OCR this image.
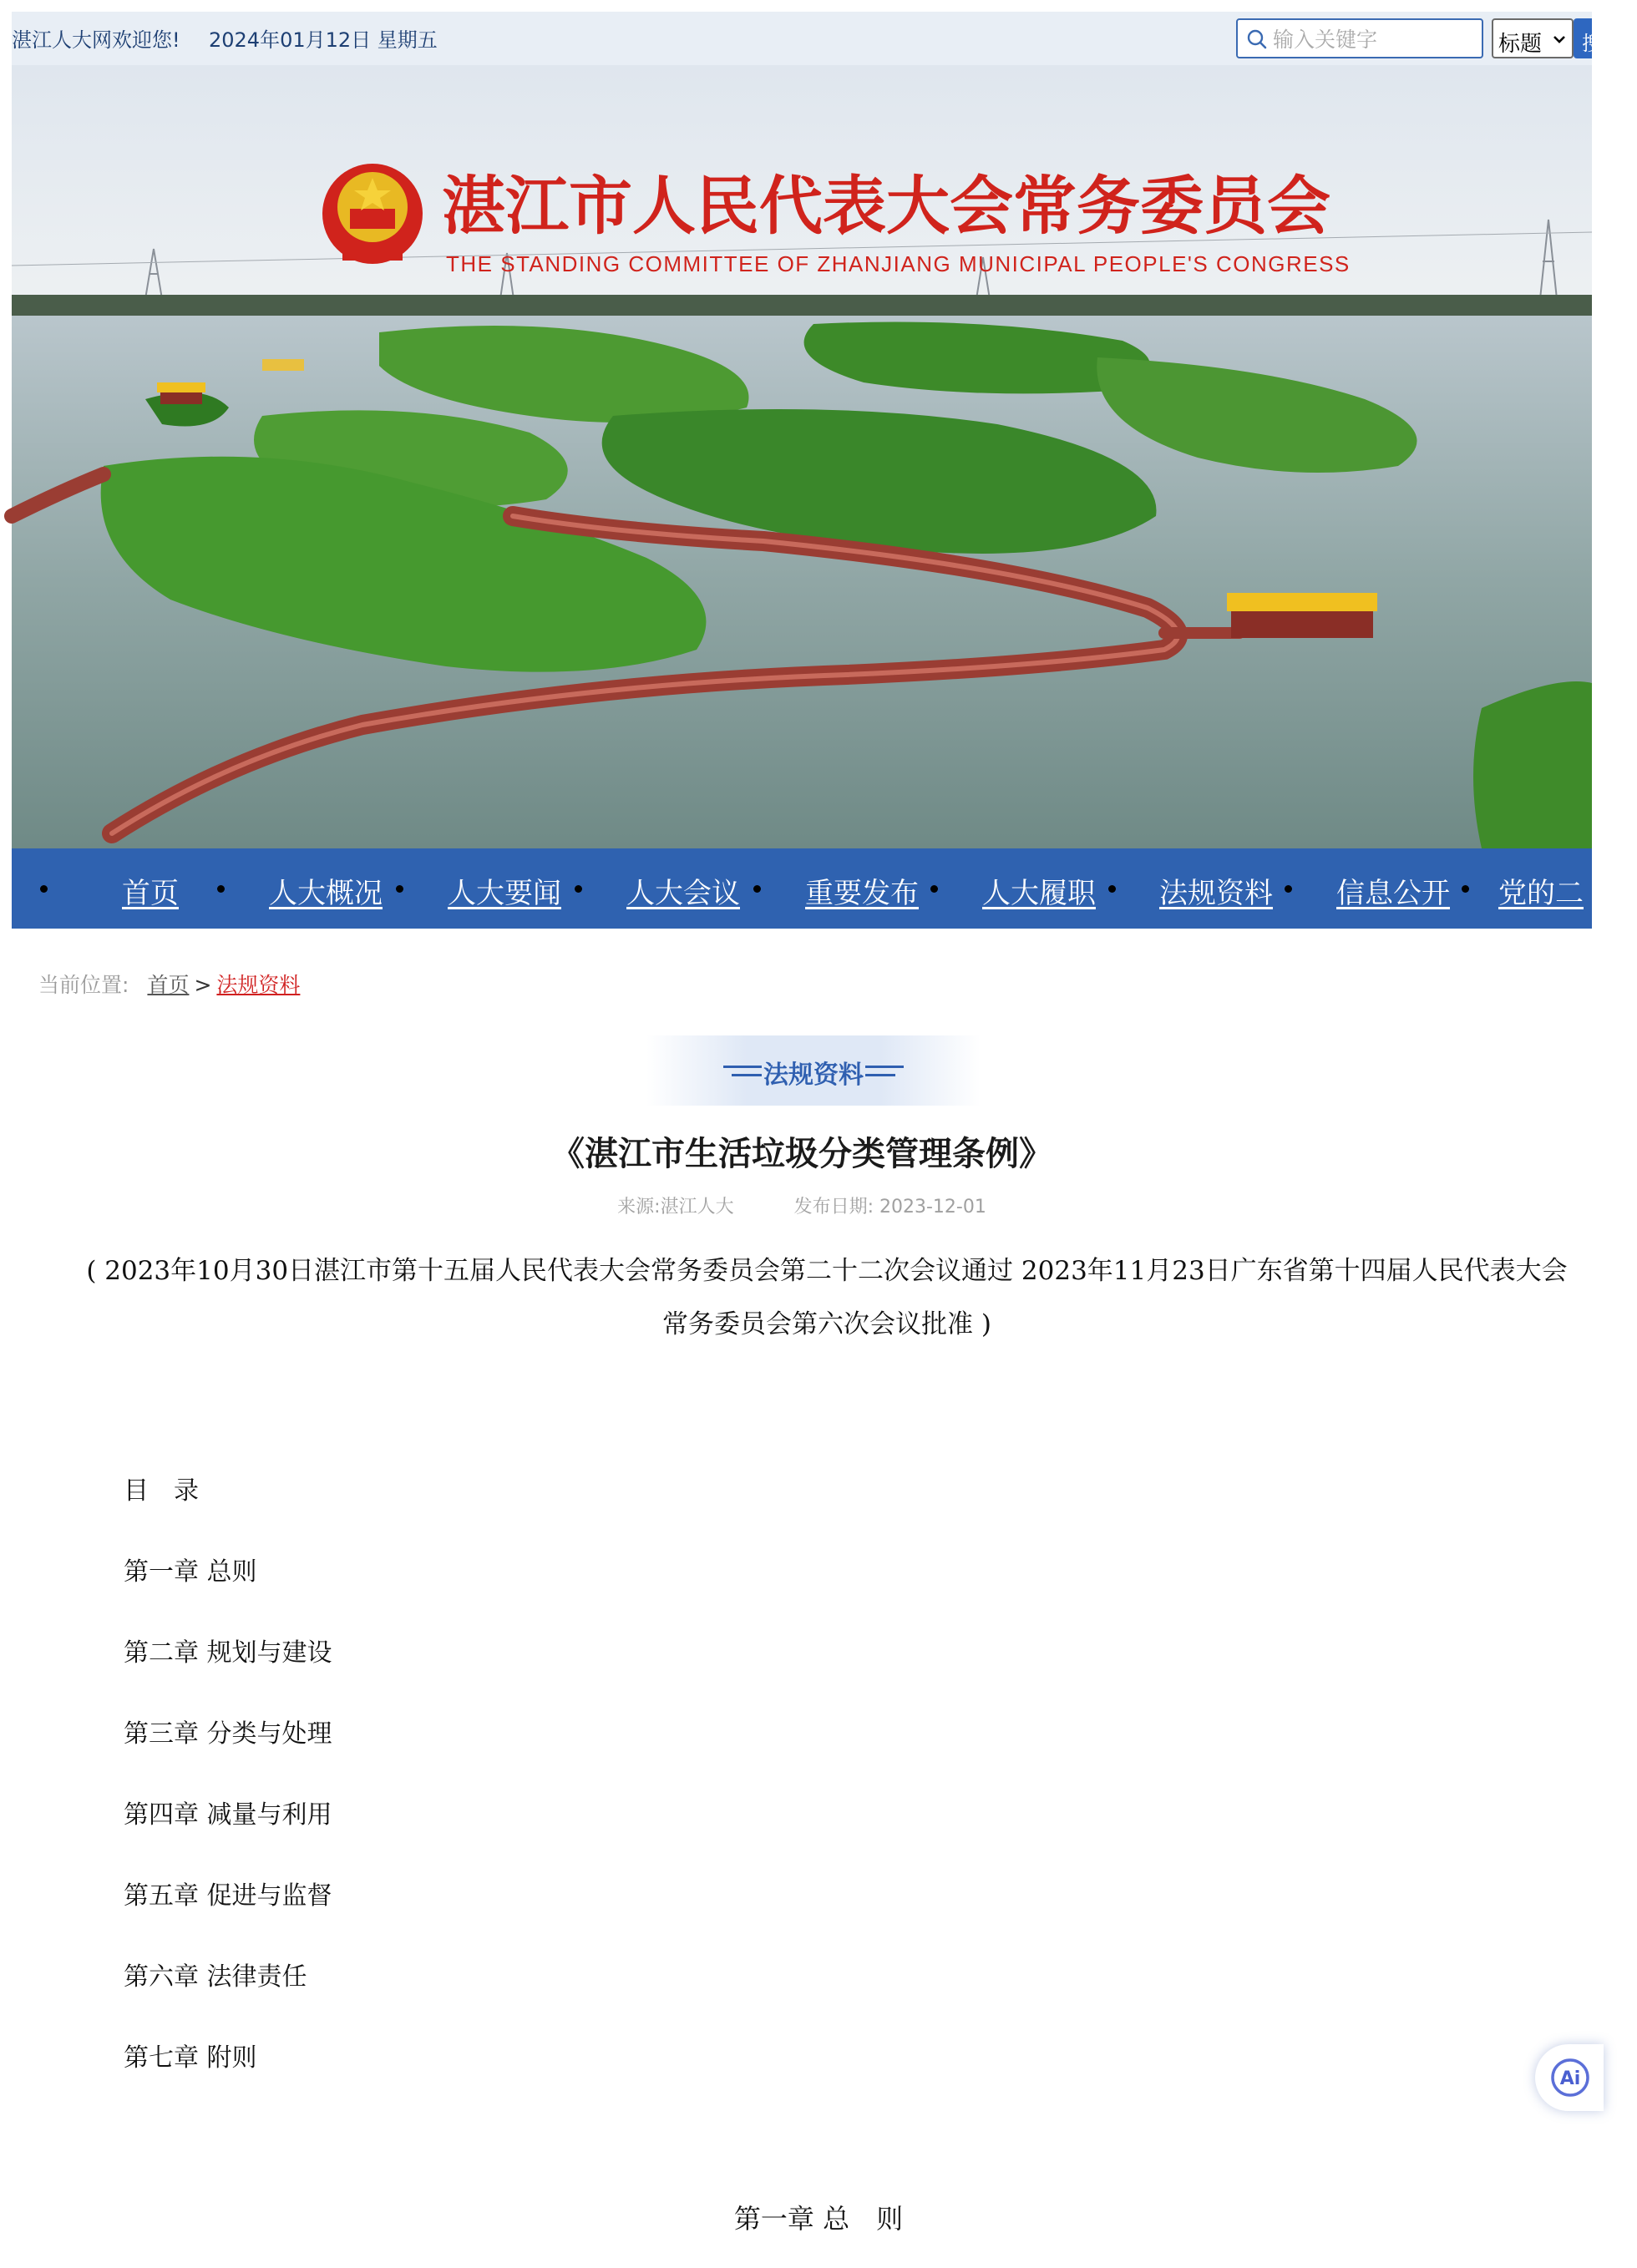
湛江人大网欢迎您! 2024年01月12日 星期五
输入关键字	标题 搜索
湛江市人民代表大会常务委员会
THE STANDING COMMITTEE OF ZHANJIANG MUNICIPAL PEOPLE'S CONGRESS
首页	人大概况 人大要闻 人大会议 重要发布 人大履职 法规资料 信息公开 党的二
当前位置: 首页 > 法规资料
法规资料
《湛江市生活垃圾分类管理条例》
来源:湛江人大	发布日期: 2023-12-01
( 2023年10月30日湛江市第十五届人民代表大会常务委员会第二十二次会议通过 2023年11月23日广东省第十四届人民代表大会
常务委员会第六次会议批准 )
目　录
第一章 总则
第二章 规划与建设
第三章 分类与处理
第四章 减量与利用
第五章 促进与监督
第六章 法律责任
第七章 附则
第一章 总　则
Ai
